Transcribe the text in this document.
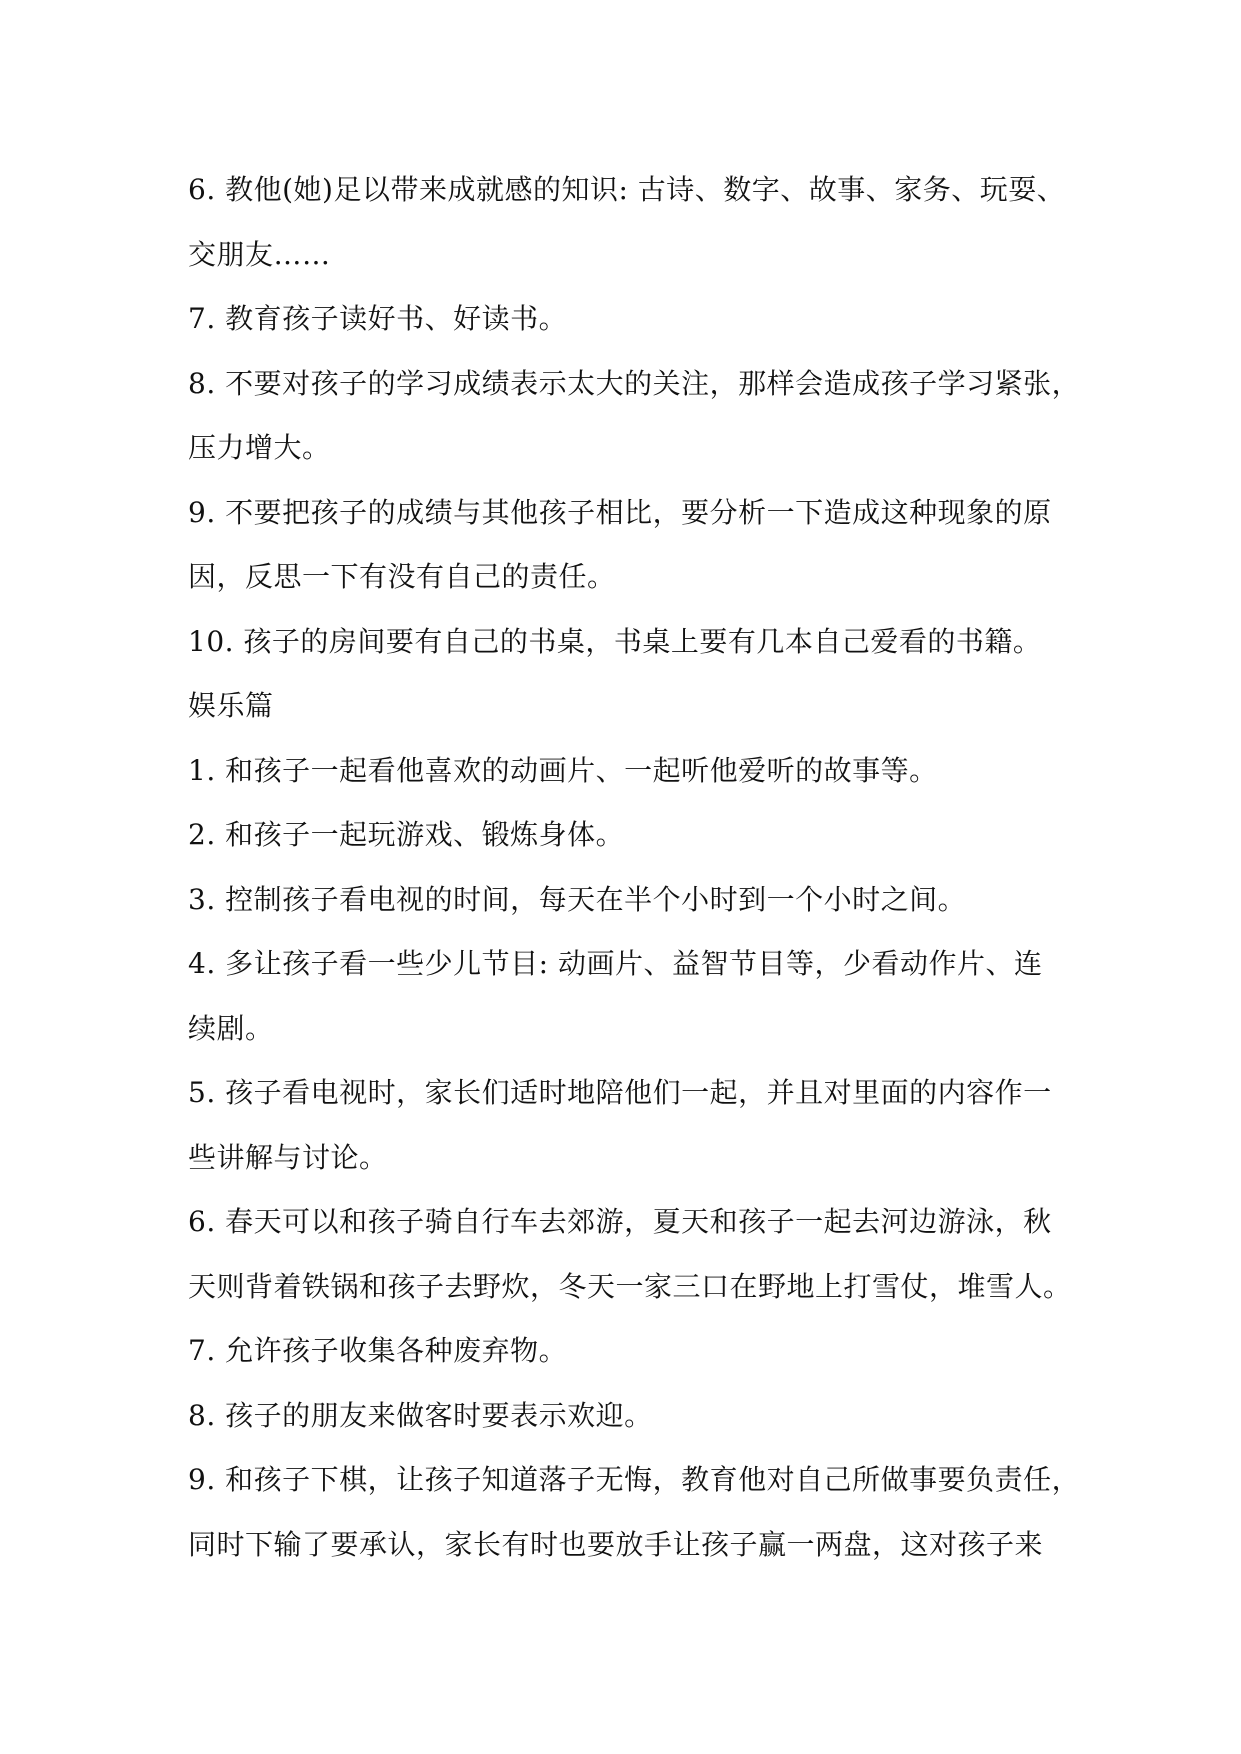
6. 教他(她)足以带来成就感的知识: 古诗、数字、故事、家务、玩耍、
交朋友……
7. 教育孩子读好书、好读书。
8. 不要对孩子的学习成绩表示太大的关注，那样会造成孩子学习紧张，
压力增大。
9. 不要把孩子的成绩与其他孩子相比，要分析一下造成这种现象的原
因，反思一下有没有自己的责任。
10. 孩子的房间要有自己的书桌，书桌上要有几本自己爱看的书籍。
娱乐篇
1. 和孩子一起看他喜欢的动画片、一起听他爱听的故事等。
2. 和孩子一起玩游戏、锻炼身体。
3. 控制孩子看电视的时间，每天在半个小时到一个小时之间。
4. 多让孩子看一些少儿节目: 动画片、益智节目等，少看动作片、连
续剧。
5. 孩子看电视时，家长们适时地陪他们一起，并且对里面的内容作一
些讲解与讨论。
6. 春天可以和孩子骑自行车去郊游，夏天和孩子一起去河边游泳，秋
天则背着铁锅和孩子去野炊，冬天一家三口在野地上打雪仗，堆雪人。
7. 允许孩子收集各种废弃物。
8. 孩子的朋友来做客时要表示欢迎。
9. 和孩子下棋，让孩子知道落子无悔，教育他对自己所做事要负责任，
同时下输了要承认，家长有时也要放手让孩子赢一两盘，这对孩子来
